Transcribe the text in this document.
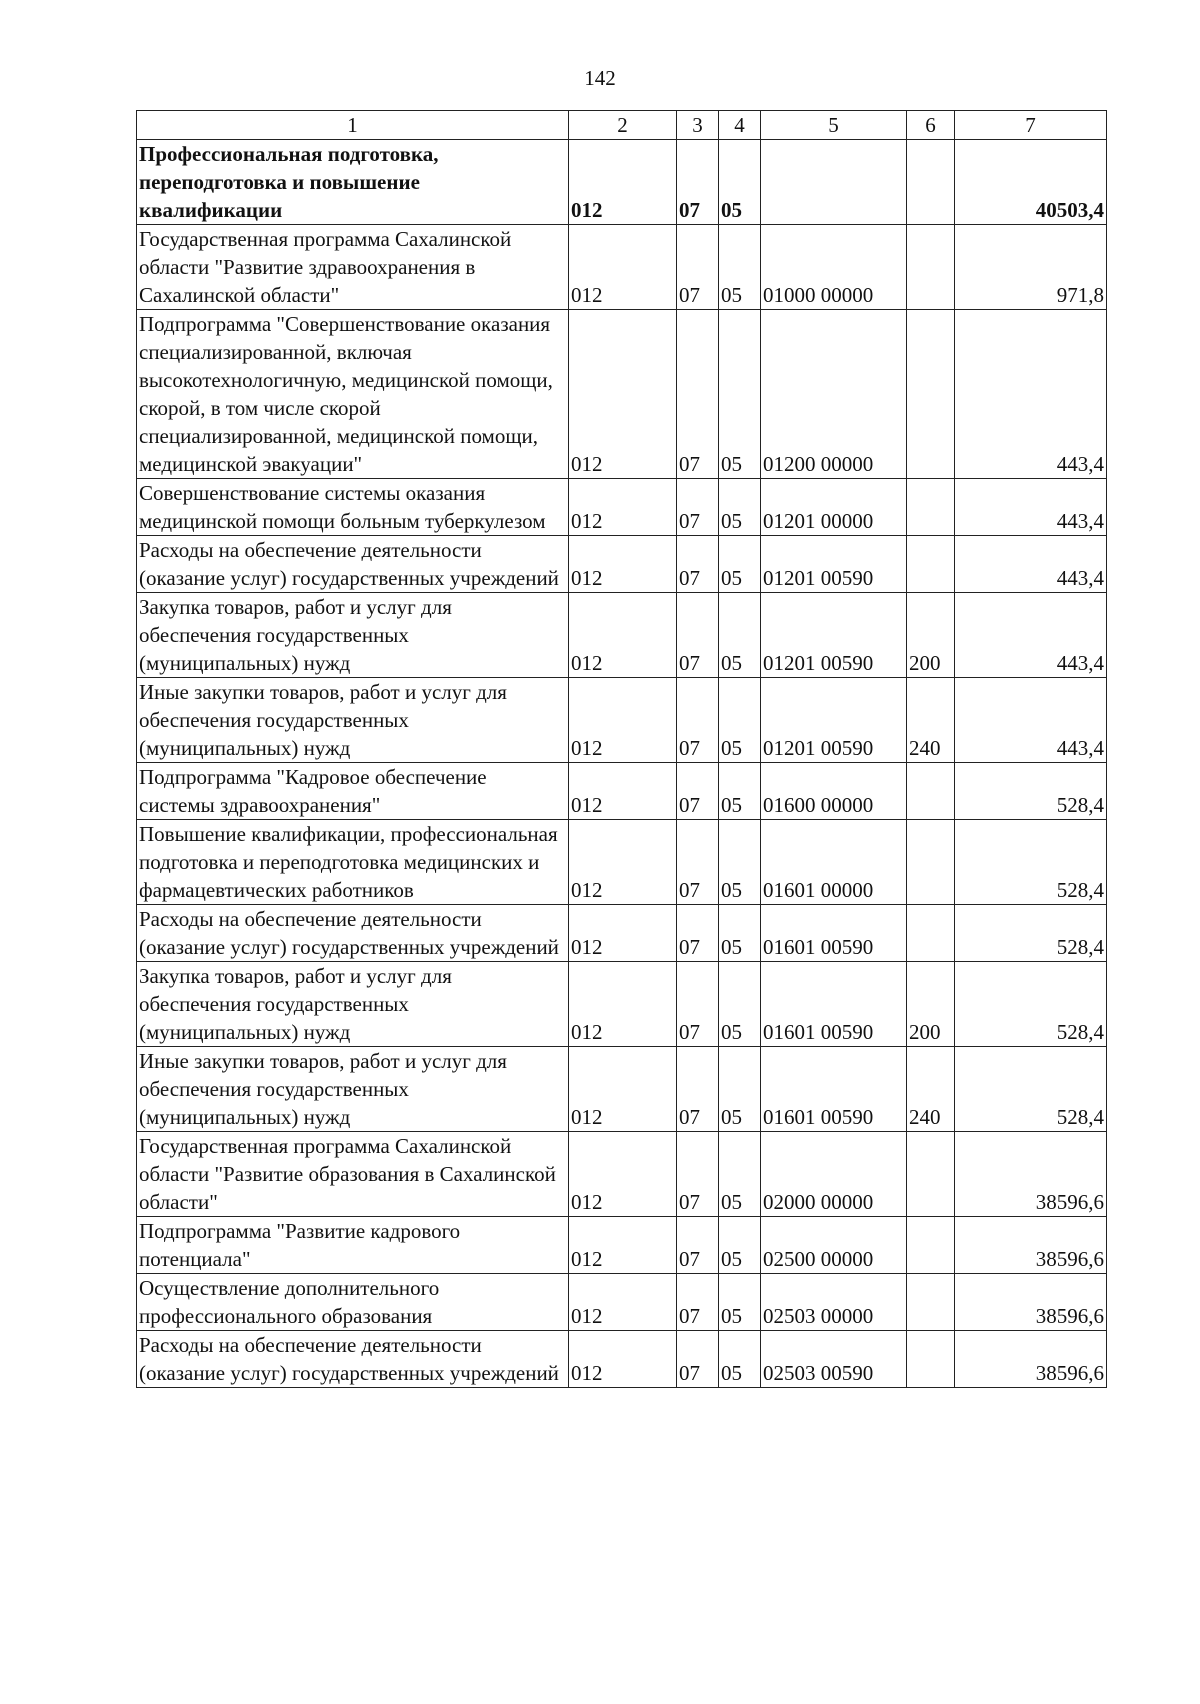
142
1	2	3	4	5	6	7
Профессиональная подготовка, переподготовка и повышение квалификации	012	07	05			40503,4
Государственная программа Сахалинской области "Развитие здравоохранения в Сахалинской области"	012	07	05	01000 00000		971,8
Подпрограмма "Совершенствование оказания специализированной, включая высокотехнологичную, медицинской помощи, скорой, в том числе скорой специализированной, медицинской помощи, медицинской эвакуации"	012	07	05	01200 00000		443,4
Совершенствование системы оказания медицинской помощи больным туберкулезом	012	07	05	01201 00000		443,4
Расходы на обеспечение деятельности (оказание услуг) государственных учреждений	012	07	05	01201 00590		443,4
Закупка товаров, работ и услуг для обеспечения государственных (муниципальных) нужд	012	07	05	01201 00590	200	443,4
Иные закупки товаров, работ и услуг для обеспечения государственных (муниципальных) нужд	012	07	05	01201 00590	240	443,4
Подпрограмма "Кадровое обеспечение системы здравоохранения"	012	07	05	01600 00000		528,4
Повышение квалификации, профессиональная подготовка и переподготовка медицинских и фармацевтических работников	012	07	05	01601 00000		528,4
Расходы на обеспечение деятельности (оказание услуг) государственных учреждений	012	07	05	01601 00590		528,4
Закупка товаров, работ и услуг для обеспечения государственных (муниципальных) нужд	012	07	05	01601 00590	200	528,4
Иные закупки товаров, работ и услуг для обеспечения государственных (муниципальных) нужд	012	07	05	01601 00590	240	528,4
Государственная программа Сахалинской области "Развитие образования в Сахалинской области"	012	07	05	02000 00000		38596,6
Подпрограмма "Развитие кадрового потенциала"	012	07	05	02500 00000		38596,6
Осуществление дополнительного профессионального образования	012	07	05	02503 00000		38596,6
Расходы на обеспечение деятельности (оказание услуг) государственных учреждений	012	07	05	02503 00590		38596,6
